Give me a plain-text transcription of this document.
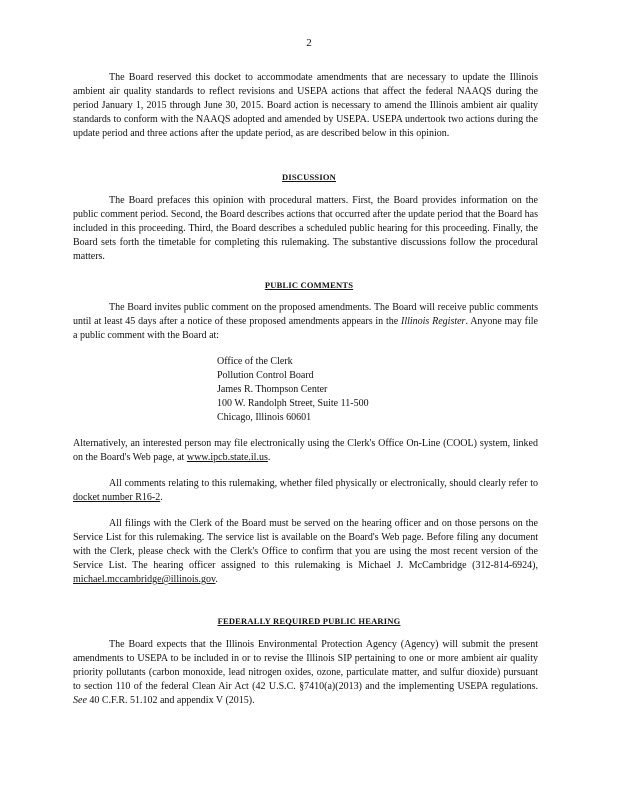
2

The Board reserved this docket to accommodate amendments that are necessary to update the Illinois ambient air quality standards to reflect revisions and USEPA actions that affect the federal NAAQS during the period January 1, 2015 through June 30, 2015. Board action is necessary to amend the Illinois ambient air quality standards to conform with the NAAQS adopted and amended by USEPA. USEPA undertook two actions during the update period and three actions after the update period, as are described below in this opinion.

DISCUSSION

The Board prefaces this opinion with procedural matters. First, the Board provides information on the public comment period. Second, the Board describes actions that occurred after the update period that the Board has included in this proceeding. Third, the Board describes a scheduled public hearing for this proceeding. Finally, the Board sets forth the timetable for completing this rulemaking. The substantive discussions follow the procedural matters.

PUBLIC COMMENTS

The Board invites public comment on the proposed amendments. The Board will receive public comments until at least 45 days after a notice of these proposed amendments appears in the Illinois Register. Anyone may file a public comment with the Board at:

Office of the Clerk
Pollution Control Board
James R. Thompson Center
100 W. Randolph Street, Suite 11-500
Chicago, Illinois 60601

Alternatively, an interested person may file electronically using the Clerk's Office On-Line (COOL) system, linked on the Board's Web page, at www.ipcb.state.il.us.

All comments relating to this rulemaking, whether filed physically or electronically, should clearly refer to docket number R16-2.

All filings with the Clerk of the Board must be served on the hearing officer and on those persons on the Service List for this rulemaking. The service list is available on the Board's Web page. Before filing any document with the Clerk, please check with the Clerk's Office to confirm that you are using the most recent version of the Service List. The hearing officer assigned to this rulemaking is Michael J. McCambridge (312-814-6924), michael.mccambridge@illinois.gov.

FEDERALLY REQUIRED PUBLIC HEARING

The Board expects that the Illinois Environmental Protection Agency (Agency) will submit the present amendments to USEPA to be included in or to revise the Illinois SIP pertaining to one or more ambient air quality priority pollutants (carbon monoxide, lead nitrogen oxides, ozone, particulate matter, and sulfur dioxide) pursuant to section 110 of the federal Clean Air Act (42 U.S.C. §7410(a)(2013) and the implementing USEPA regulations. See 40 C.F.R. 51.102 and appendix V (2015).
